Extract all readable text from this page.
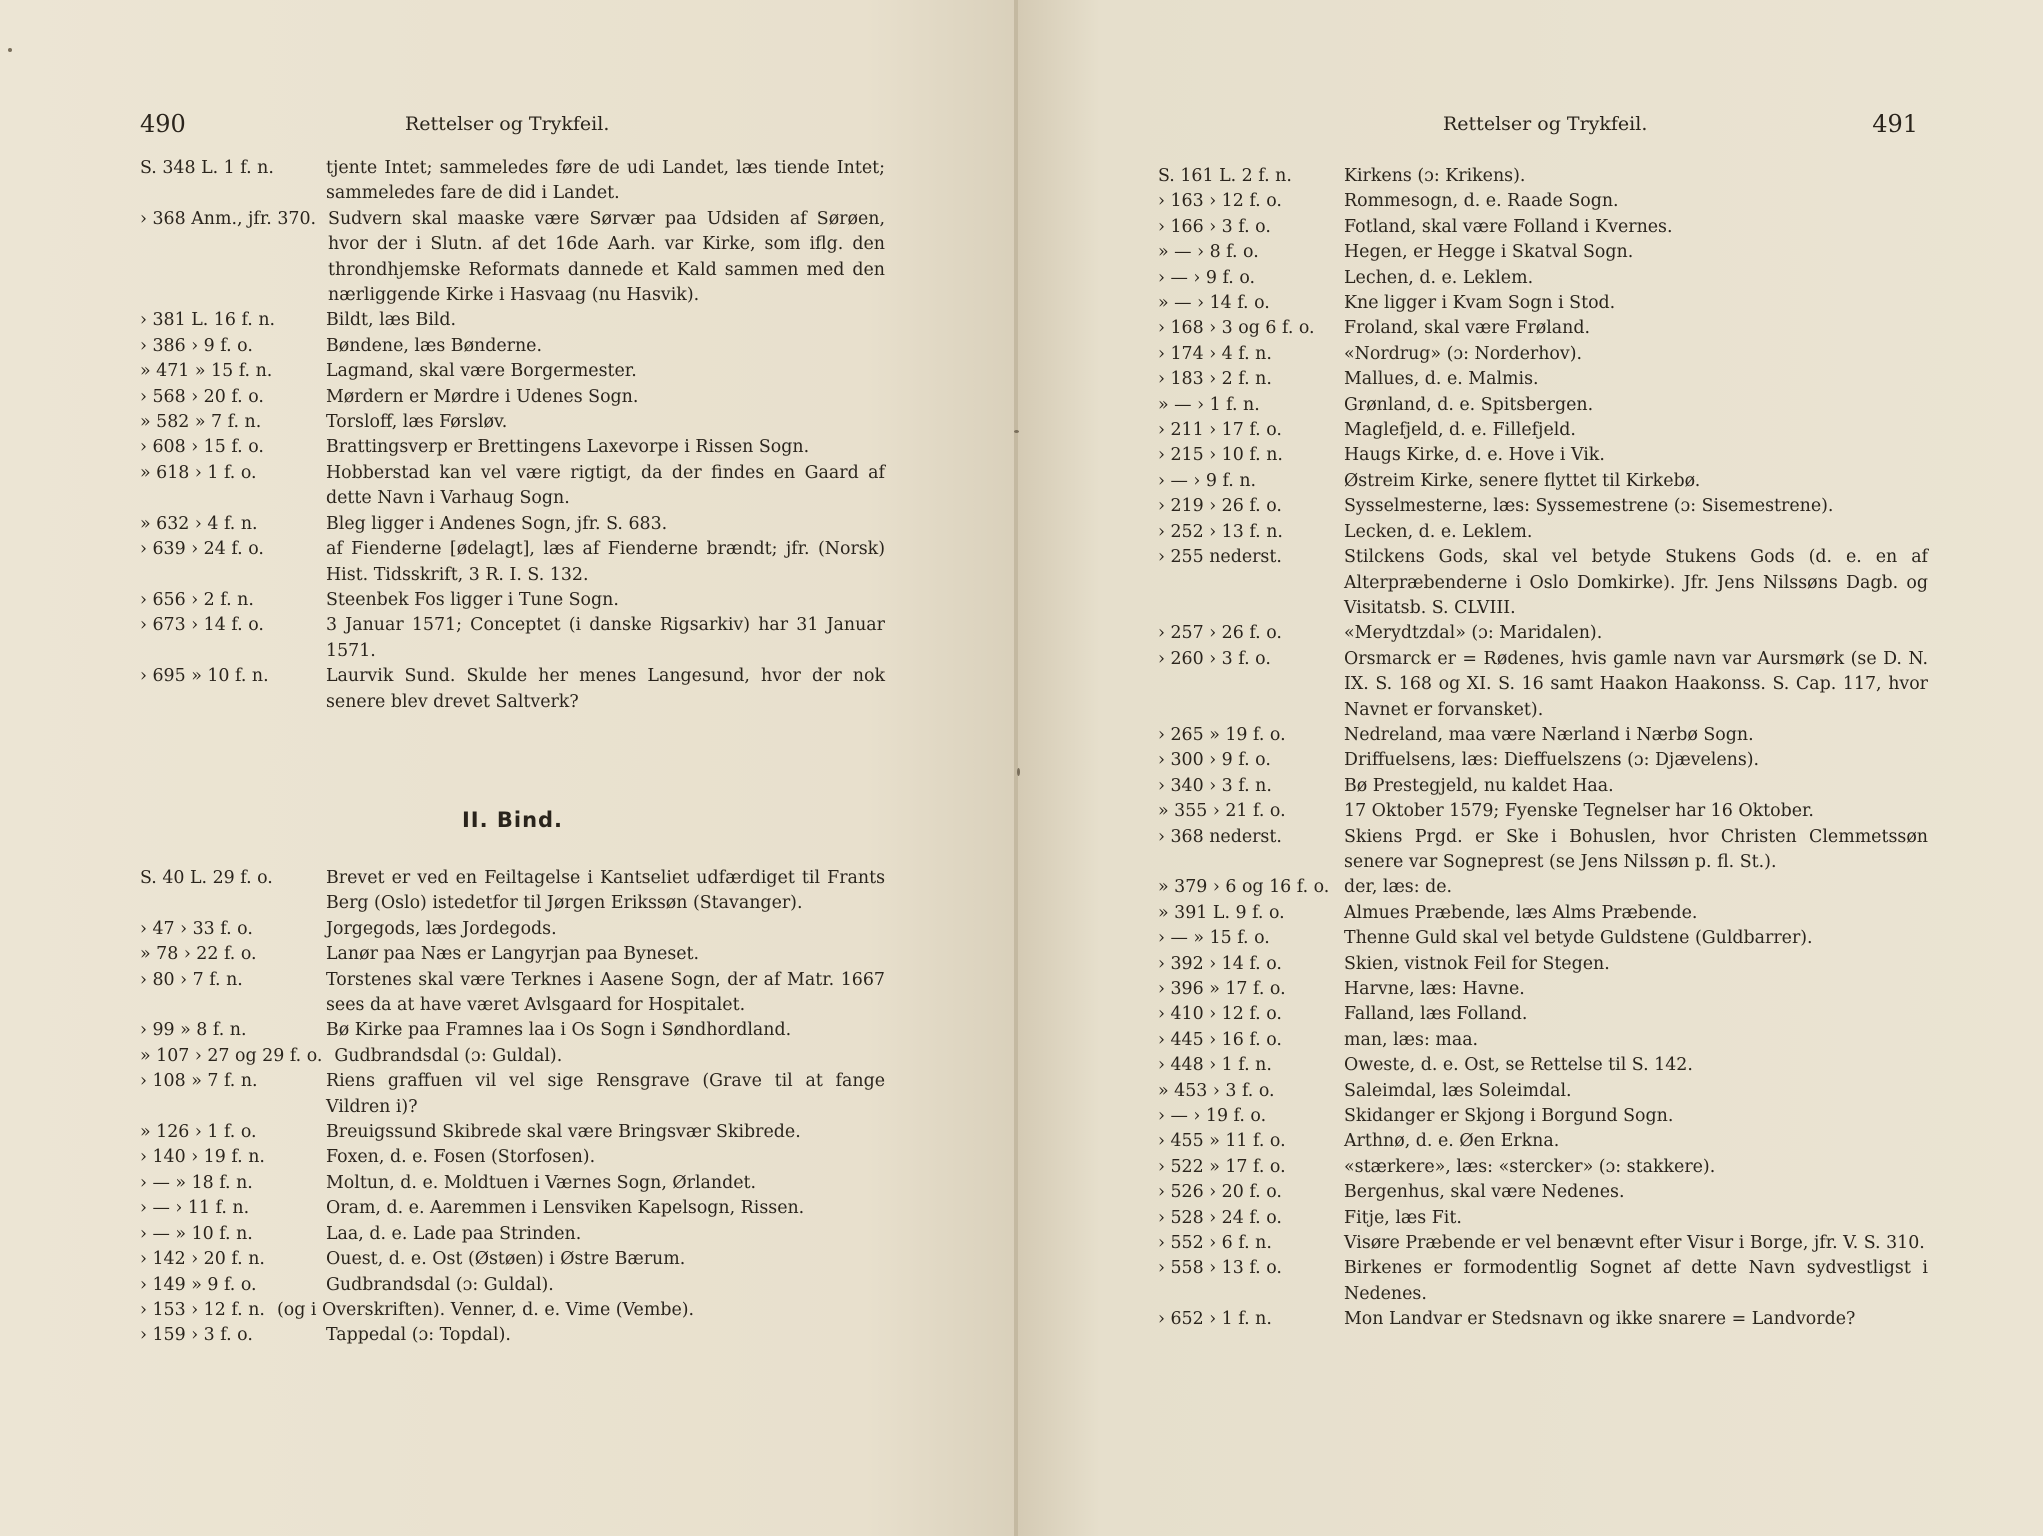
490	Rettelser og Trykfeil.
S. 348 L. 1 f. n.	tjente Intet; sammeledes føre de udi Landet, læs tiende Intet; sammeledes fare de did i Landet.
› 368 Anm., jfr. 370. Sudvern skal maaske være Sørvær paa Udsiden af Sørøen, hvor der i Slutn. af det 16de Aarh. var Kirke, som iflg. den throndhjemske Reformats dannede et Kald sammen med den nærliggende Kirke i Hasvaag (nu Hasvik).
› 381 L. 16 f. n.	Bildt, læs Bild.
› 386 › 9 f. o.	Bøndene, læs Bønderne.
» 471 » 15 f. n.	Lagmand, skal være Borgermester.
› 568 › 20 f. o.	Mørdern er Mørdre i Udenes Sogn.
» 582 » 7 f. n.	Torsloff, læs Førsløv.
› 608 › 15 f. o.	Brattingsverp er Brettingens Laxevorpe i Rissen Sogn.
» 618 › 1 f. o.	Hobberstad kan vel være rigtigt, da der findes en Gaard af dette Navn i Varhaug Sogn.
» 632 › 4 f. n.	Bleg ligger i Andenes Sogn, jfr. S. 683.
› 639 › 24 f. o.	af Fienderne [ødelagt], læs af Fienderne brændt; jfr. (Norsk) Hist. Tidsskrift, 3 R. I. S. 132.
› 656 › 2 f. n.	Steenbek Fos ligger i Tune Sogn.
› 673 › 14 f. o.	3 Januar 1571; Conceptet (i danske Rigsarkiv) har 31 Januar 1571.
› 695 » 10 f. n.	Laurvik Sund. Skulde her menes Langesund, hvor der nok senere blev drevet Saltverk?
II. Bind.
S. 40 L. 29 f. o.	Brevet er ved en Feiltagelse i Kantseliet udfærdiget til Frants Berg (Oslo) istedetfor til Jørgen Erikssøn (Stavanger).
› 47 › 33 f. o.	Jorgegods, læs Jordegods.
» 78 › 22 f. o.	Lanør paa Næs er Langyrjan paa Byneset.
› 80 › 7 f. n.	Torstenes skal være Terknes i Aasene Sogn, der af Matr. 1667 sees da at have været Avlsgaard for Hospitalet.
› 99 » 8 f. n.	Bø Kirke paa Framnes laa i Os Sogn i Søndhordland.
» 107 › 27 og 29 f. o. Gudbrandsdal (ɔ: Guldal).
› 108 » 7 f. n.	Riens graffuen vil vel sige Rensgrave (Grave til at fange Vildren i)?
» 126 › 1 f. o.	Breuigssund Skibrede skal være Bringsvær Skibrede.
› 140 › 19 f. n.	Foxen, d. e. Fosen (Storfosen).
› — » 18 f. n.	Moltun, d. e. Moldtuen i Værnes Sogn, Ørlandet.
› — › 11 f. n.	Oram, d. e. Aaremmen i Lensviken Kapelsogn, Rissen.
› — » 10 f. n.	Laa, d. e. Lade paa Strinden.
› 142 › 20 f. n.	Ouest, d. e. Ost (Østøen) i Østre Bærum.
› 149 » 9 f. o.	Gudbrandsdal (ɔ: Guldal).
› 153 › 12 f. n. (og i Overskriften). Venner, d. e. Vime (Vembe).
› 159 › 3 f. o.	Tappedal (ɔ: Topdal).
Rettelser og Trykfeil.	491
S. 161 L. 2 f. n.	Kirkens (ɔ: Krikens).
› 163 › 12 f. o.	Rommesogn, d. e. Raade Sogn.
› 166 › 3 f. o.	Fotland, skal være Folland i Kvernes.
» — › 8 f. o.	Hegen, er Hegge i Skatval Sogn.
› — › 9 f. o.	Lechen, d. e. Leklem.
» — › 14 f. o.	Kne ligger i Kvam Sogn i Stod.
› 168 › 3 og 6 f. o.	Froland, skal være Frøland.
› 174 › 4 f. n.	«Nordrug» (ɔ: Norderhov).
› 183 › 2 f. n.	Mallues, d. e. Malmis.
» — › 1 f. n.	Grønland, d. e. Spitsbergen.
› 211 › 17 f. o.	Maglefjeld, d. e. Fillefjeld.
› 215 › 10 f. n.	Haugs Kirke, d. e. Hove i Vik.
› — › 9 f. n.	Østreim Kirke, senere flyttet til Kirkebø.
› 219 › 26 f. o.	Sysselmesterne, læs: Syssemestrene (ɔ: Sisemestrene).
› 252 › 13 f. n.	Lecken, d. e. Leklem.
› 255 nederst.	Stilckens Gods, skal vel betyde Stukens Gods (d. e. en af Alterpræbenderne i Oslo Domkirke). Jfr. Jens Nilssøns Dagb. og Visitatsb. S. CLVIII.
› 257 › 26 f. o.	«Merydtzdal» (ɔ: Maridalen).
› 260 › 3 f. o.	Orsmarck er = Rødenes, hvis gamle navn var Aursmørk (se D. N. IX. S. 168 og XI. S. 16 samt Haakon Haakonss. S. Cap. 117, hvor Navnet er forvansket).
› 265 » 19 f. o.	Nedreland, maa være Nærland i Nærbø Sogn.
› 300 › 9 f. o.	Driffuelsens, læs: Dieffuelszens (ɔ: Djævelens).
› 340 › 3 f. n.	Bø Prestegjeld, nu kaldet Haa.
» 355 › 21 f. o.	17 Oktober 1579; Fyenske Tegnelser har 16 Oktober.
› 368 nederst.	Skiens Prgd. er Ske i Bohuslen, hvor Christen Clemmetssøn senere var Sogneprest (se Jens Nilssøn p. fl. St.).
» 379 › 6 og 16 f. o. der, læs: de.
» 391 L. 9 f. o.	Almues Præbende, læs Alms Præbende.
› — » 15 f. o.	Thenne Guld skal vel betyde Guldstene (Guldbarrer).
› 392 › 14 f. o.	Skien, vistnok Feil for Stegen.
› 396 » 17 f. o.	Harvne, læs: Havne.
› 410 › 12 f. o.	Falland, læs Folland.
› 445 › 16 f. o.	man, læs: maa.
› 448 › 1 f. n.	Oweste, d. e. Ost, se Rettelse til S. 142.
» 453 › 3 f. o.	Saleimdal, læs Soleimdal.
› — › 19 f. o.	Skidanger er Skjong i Borgund Sogn.
› 455 » 11 f. o.	Arthnø, d. e. Øen Erkna.
› 522 » 17 f. o.	«stærkere», læs: «stercker» (ɔ: stakkere).
› 526 › 20 f. o.	Bergenhus, skal være Nedenes.
› 528 › 24 f. o.	Fitje, læs Fit.
› 552 › 6 f. n.	Visøre Præbende er vel benævnt efter Visur i Borge, jfr. V. S. 310.
› 558 › 13 f. o.	Birkenes er formodentlig Sognet af dette Navn sydvestligst i Nedenes.
› 652 › 1 f. n.	Mon Landvar er Stedsnavn og ikke snarere = Landvorde?
